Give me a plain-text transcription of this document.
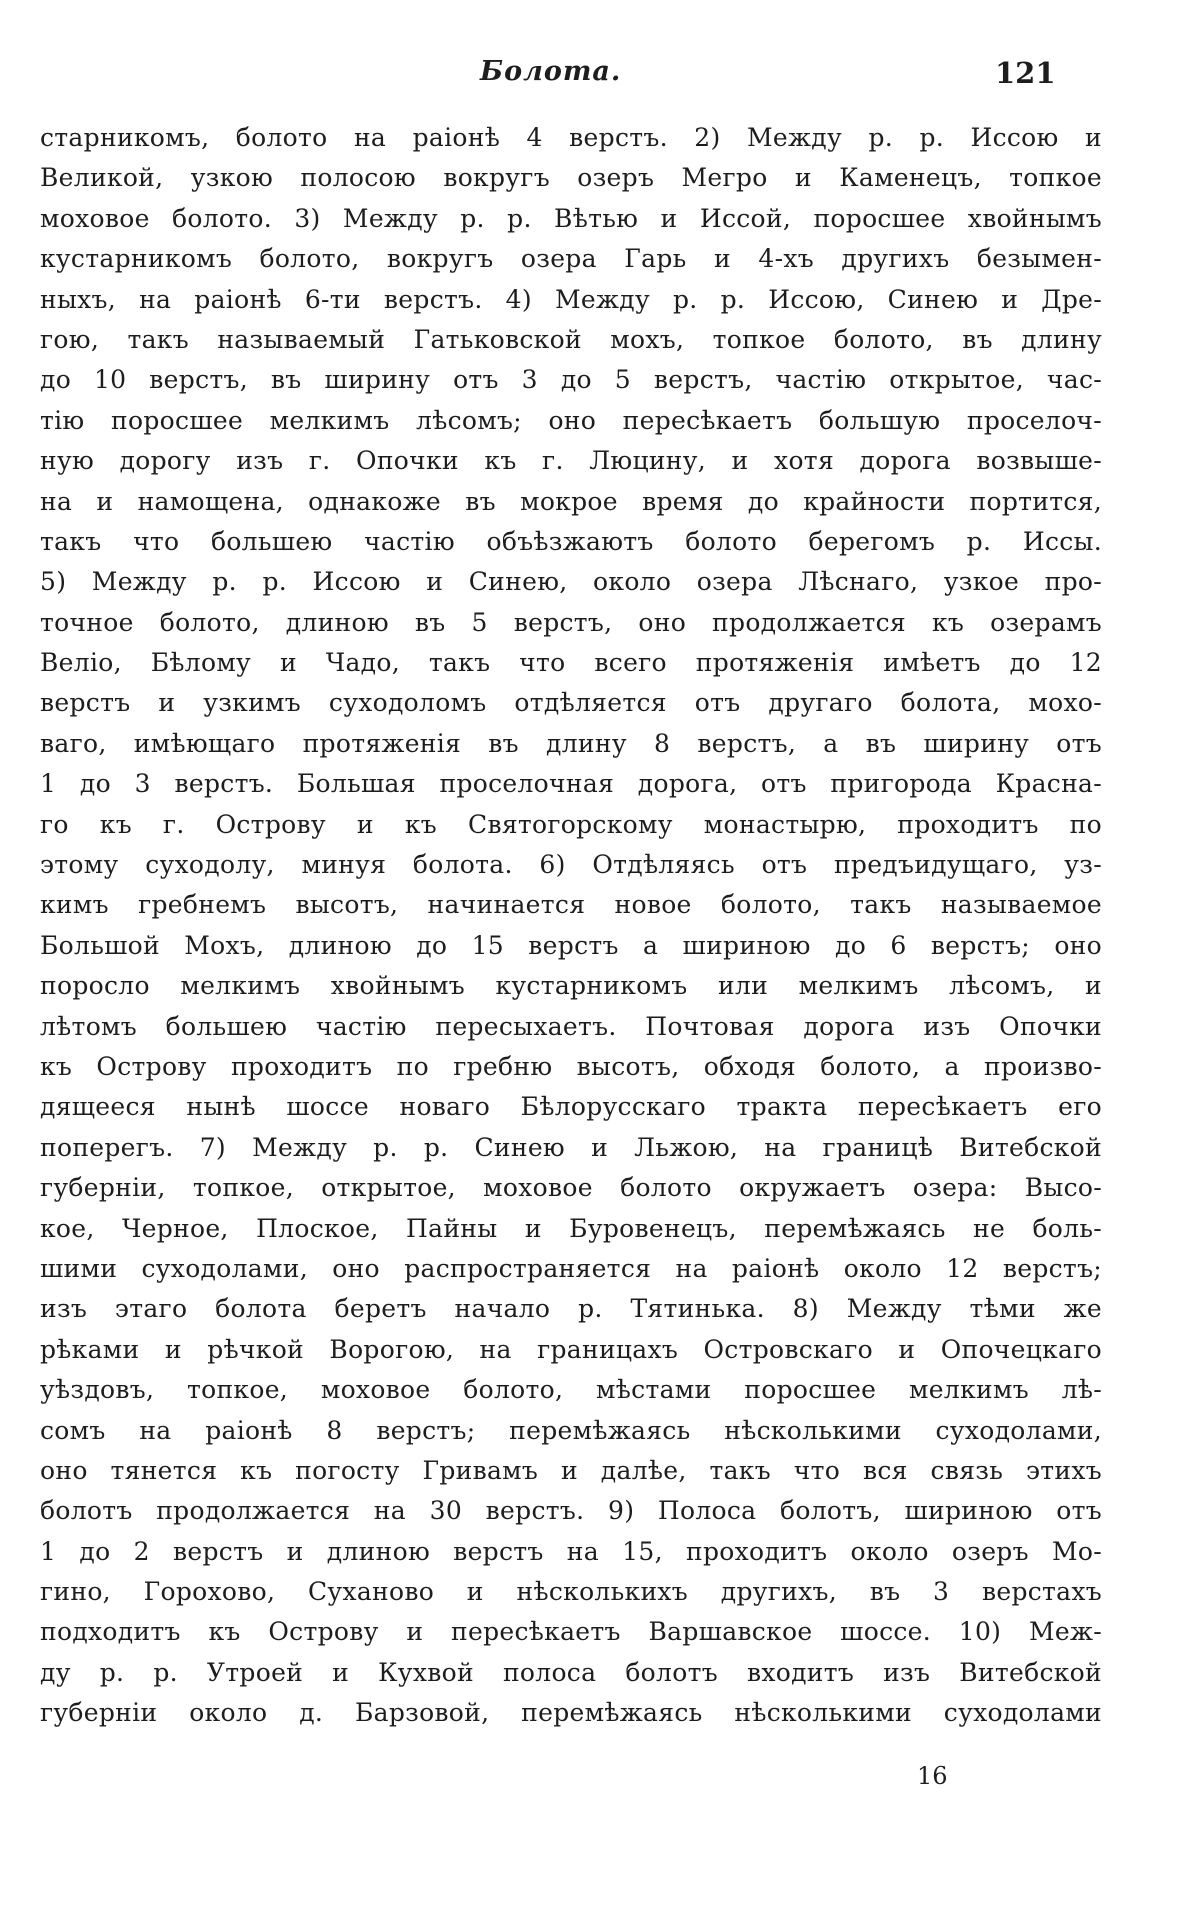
Болота.	121
старникомъ, болото на раіонѣ 4 верстъ. 2) Между р. р. Иссою и
Великой, узкою полосою вокругъ озеръ Мегро и Каменецъ, топкое
моховое болото. 3) Между р. р. Вѣтью и Иссой, поросшее хвойнымъ
кустарникомъ болото, вокругъ озера Гарь и 4-хъ другихъ безымен-
ныхъ, на раіонѣ 6-ти верстъ. 4) Между р. р. Иссою, Синею и Дре-
гою, такъ называемый Гатьковской мохъ, топкое болото, въ длину
до 10 верстъ, въ ширину отъ 3 до 5 верстъ, частію открытое, час-
тію поросшее мелкимъ лѣсомъ; оно пересѣкаетъ большую проселоч-
ную дорогу изъ г. Опочки къ г. Люцину, и хотя дорога возвыше-
на и намощена, однакоже въ мокрое время до крайности портится,
такъ что большею частію объѣзжаютъ болото берегомъ р. Иссы.
5) Между р. р. Иссою и Синею, около озера Лѣснаго, узкое про-
точное болото, длиною въ 5 верстъ, оно продолжается къ озерамъ
Веліо, Бѣлому и Чадо, такъ что всего протяженія имѣетъ до 12
верстъ и узкимъ суходоломъ отдѣляется отъ другаго болота, мохо-
ваго, имѣющаго протяженія въ длину 8 верстъ, а въ ширину отъ
1 до 3 верстъ. Большая проселочная дорога, отъ пригорода Красна-
го къ г. Острову и къ Святогорскому монастырю, проходитъ по
этому суходолу, минуя болота. 6) Отдѣляясь отъ предъидущаго, уз-
кимъ гребнемъ высотъ, начинается новое болото, такъ называемое
Большой Мохъ, длиною до 15 верстъ а шириною до 6 верстъ; оно
поросло мелкимъ хвойнымъ кустарникомъ или мелкимъ лѣсомъ, и
лѣтомъ большею частію пересыхаетъ. Почтовая дорога изъ Опочки
къ Острову проходитъ по гребню высотъ, обходя болото, а произво-
дящееся нынѣ шоссе новаго Бѣлорусскаго тракта пересѣкаетъ его
поперегъ. 7) Между р. р. Синею и Льжою, на границѣ Витебской
губерніи, топкое, открытое, моховое болото окружаетъ озера: Высо-
кое, Черное, Плоское, Пайны и Буровенецъ, перемѣжаясь не боль-
шими суходолами, оно распространяется на раіонѣ около 12 верстъ;
изъ этаго болота беретъ начало р. Тятинька. 8) Между тѣми же
рѣками и рѣчкой Ворогою, на границахъ Островскаго и Опочецкаго
уѣздовъ, топкое, моховое болото, мѣстами поросшее мелкимъ лѣ-
сомъ на раіонѣ 8 верстъ; перемѣжаясь нѣсколькими суходолами,
оно тянется къ погосту Гривамъ и далѣе, такъ что вся связь этихъ
болотъ продолжается на 30 верстъ. 9) Полоса болотъ, шириною отъ
1 до 2 верстъ и длиною верстъ на 15, проходитъ около озеръ Мо-
гино, Горохово, Суханово и нѣсколькихъ другихъ, въ 3 верстахъ
подходитъ къ Острову и пересѣкаетъ Варшавское шоссе. 10) Меж-
ду р. р. Утроей и Кухвой полоса болотъ входитъ изъ Витебской
губерніи около д. Барзовой, перемѣжаясь нѣсколькими суходолами
16
